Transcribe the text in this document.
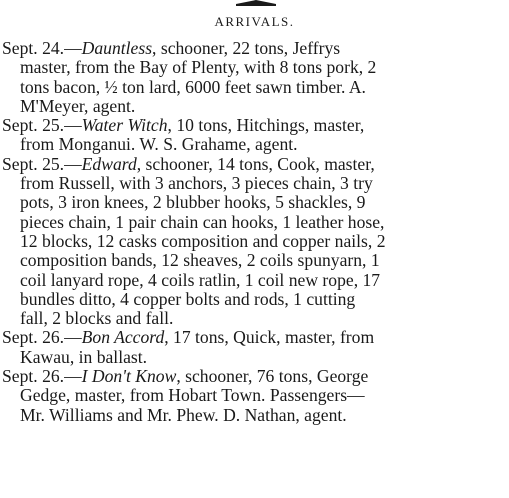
ARRIVALS.
Sept. 24.—Dauntless, schooner, 22 tons, Jeffrys
master, from the Bay of Plenty, with 8 tons pork, 2
tons bacon, ½ ton lard, 6000 feet sawn timber. A.
M'Meyer, agent.
Sept. 25.—Water Witch, 10 tons, Hitchings, master,
from Monganui. W. S. Grahame, agent.
Sept. 25.—Edward, schooner, 14 tons, Cook, master,
from Russell, with 3 anchors, 3 pieces chain, 3 try
pots, 3 iron knees, 2 blubber hooks, 5 shackles, 9
pieces chain, 1 pair chain can hooks, 1 leather hose,
12 blocks, 12 casks composition and copper nails, 2
composition bands, 12 sheaves, 2 coils spunyarn, 1
coil lanyard rope, 4 coils ratlin, 1 coil new rope, 17
bundles ditto, 4 copper bolts and rods, 1 cutting
fall, 2 blocks and fall.
Sept. 26.—Bon Accord, 17 tons, Quick, master, from
Kawau, in ballast.
Sept. 26.—I Don't Know, schooner, 76 tons, George
Gedge, master, from Hobart Town. Passengers—
Mr. Williams and Mr. Phew. D. Nathan, agent.
